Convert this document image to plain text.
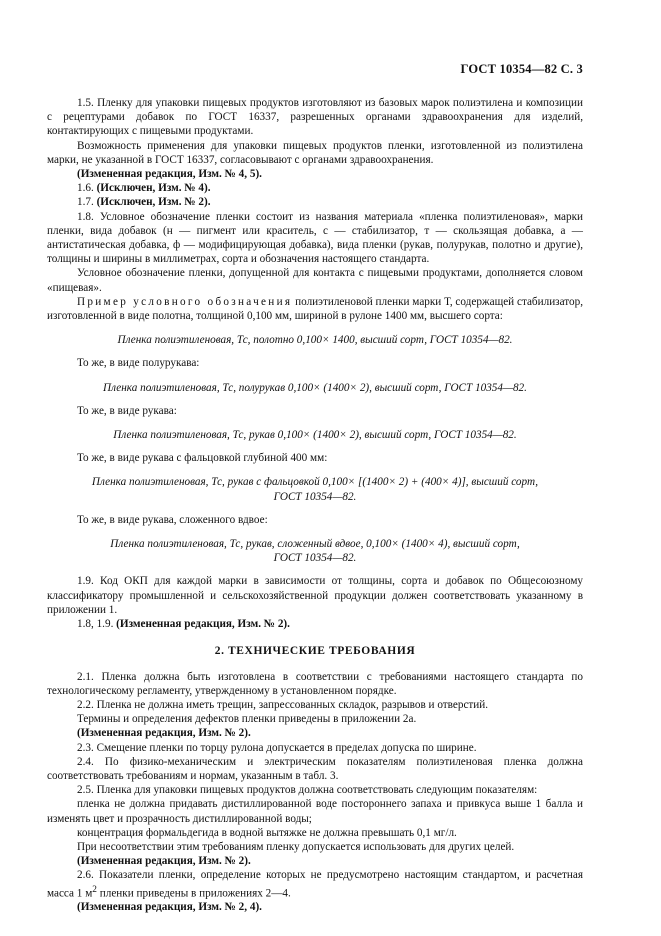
ГОСТ 10354—82 С. 3

1.5. Пленку для упаковки пищевых продуктов изготовляют из базовых марок полиэтилена и композиции с рецептурами добавок по ГОСТ 16337, разрешенных органами здравоохранения для изделий, контактирующих с пищевыми продуктами.

Возможность применения для упаковки пищевых продуктов пленки, изготовленной из полиэтилена марки, не указанной в ГОСТ 16337, согласовывают с органами здравоохранения.

(Измененная редакция, Изм. № 4, 5).

1.6. (Исключен, Изм. № 4).

1.7. (Исключен, Изм. № 2).

1.8. Условное обозначение пленки состоит из названия материала «пленка полиэтиленовая», марки пленки, вида добавок (н — пигмент или краситель, с — стабилизатор, т — скользящая добавка, а — антистатическая добавка, ф — модифицирующая добавка), вида пленки (рукав, полурукав, полотно и другие), толщины и ширины в миллиметрах, сорта и обозначения настоящего стандарта.

Условное обозначение пленки, допущенной для контакта с пищевыми продуктами, дополняется словом «пищевая».

Пример условного обозначения полиэтиленовой пленки марки Т, содержащей стабилизатор, изготовленной в виде полотна, толщиной 0,100 мм, шириной в рулоне 1400 мм, высшего сорта:

Пленка полиэтиленовая, Тс, полотно 0,100× 1400, высший сорт, ГОСТ 10354—82.

То же, в виде полурукава:

Пленка полиэтиленовая, Тс, полурукав 0,100× (1400× 2), высший сорт, ГОСТ 10354—82.

То же, в виде рукава:

Пленка полиэтиленовая, Тс, рукав 0,100× (1400× 2), высший сорт, ГОСТ 10354—82.

То же, в виде рукава с фальцовкой глубиной 400 мм:

Пленка полиэтиленовая, Тс, рукав с фальцовкой 0,100× [(1400× 2) + (400× 4)], высший сорт,
ГОСТ 10354—82.

То же, в виде рукава, сложенного вдвое:

Пленка полиэтиленовая, Тс, рукав, сложенный вдвое, 0,100× (1400× 4), высший сорт,
ГОСТ 10354—82.

1.9. Код ОКП для каждой марки в зависимости от толщины, сорта и добавок по Общесоюзному классификатору промышленной и сельскохозяйственной продукции должен соответствовать указанному в приложении 1.

1.8, 1.9. (Измененная редакция, Изм. № 2).

2. ТЕХНИЧЕСКИЕ ТРЕБОВАНИЯ

2.1. Пленка должна быть изготовлена в соответствии с требованиями настоящего стандарта по технологическому регламенту, утвержденному в установленном порядке.

2.2. Пленка не должна иметь трещин, запрессованных складок, разрывов и отверстий.

Термины и определения дефектов пленки приведены в приложении 2а.

(Измененная редакция, Изм. № 2).

2.3. Смещение пленки по торцу рулона допускается в пределах допуска по ширине.

2.4. По физико-механическим и электрическим показателям полиэтиленовая пленка должна соответствовать требованиям и нормам, указанным в табл. 3.

2.5. Пленка для упаковки пищевых продуктов должна соответствовать следующим показателям:

пленка не должна придавать дистиллированной воде постороннего запаха и привкуса выше 1 балла и изменять цвет и прозрачность дистиллированной воды;

концентрация формальдегида в водной вытяжке не должна превышать 0,1 мг/л.

При несоответствии этим требованиям пленку допускается использовать для других целей.

(Измененная редакция, Изм. № 2).

2.6. Показатели пленки, определение которых не предусмотрено настоящим стандартом, и расчетная масса 1 $м^2$ пленки приведены в приложениях 2—4.

(Измененная редакция, Изм. № 2, 4).
